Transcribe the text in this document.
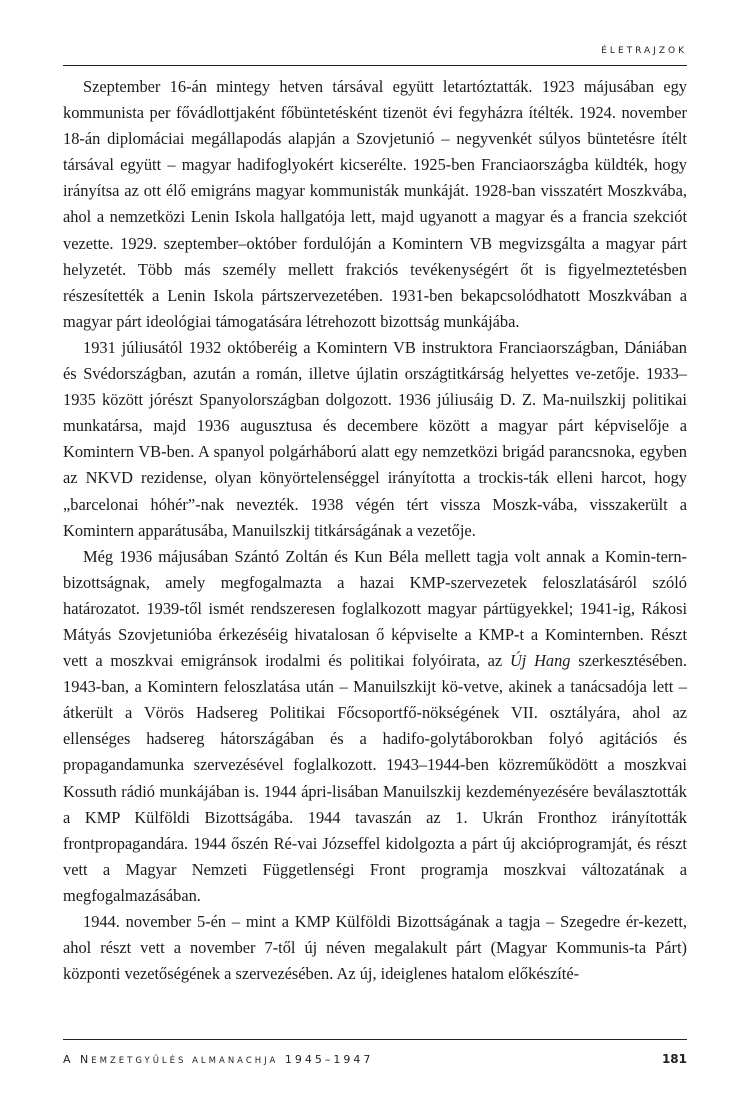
ÉLETRAJZOK

Szeptember 16-án mintegy hetven társával együtt letartóztatták. 1923 májusában egy kommunista per fővádlottjaként főbüntetésként tizenöt évi fegyházra ítélték. 1924. november 18-án diplomáciai megállapodás alapján a Szovjetunió – negyvenkét súlyos büntetésre ítélt társával együtt – magyar hadifoglyokért kicserélte. 1925-ben Franciaországba küldték, hogy irányítsa az ott élő emigráns magyar kommunisták munkáját. 1928-ban visszatért Moszkvába, ahol a nemzetközi Lenin Iskola hallgatója lett, majd ugyanott a magyar és a francia szekciót vezette. 1929. szeptember–október fordulóján a Komintern VB megvizsgálta a magyar párt helyzetét. Több más személy mellett frakciós tevékenységért őt is figyelmeztetésben részesítették a Lenin Iskola pártszervezetében. 1931-ben bekapcsolódhatott Moszkvában a magyar párt ideológiai támogatására létrehozott bizottság munkájába.

1931 júliusától 1932 októberéig a Komintern VB instruktora Franciaországban, Dániában és Svédországban, azután a román, illetve újlatin országtitkárság helyettes ve-zetője. 1933–1935 között jórészt Spanyolországban dolgozott. 1936 júliusáig D. Z. Ma-nuilszkij politikai munkatársa, majd 1936 augusztusa és decembere között a magyar párt képviselője a Komintern VB-ben. A spanyol polgárháború alatt egy nemzetközi brigád parancsnoka, egyben az NKVD rezidense, olyan könyörtelenséggel irányította a trockis-ták elleni harcot, hogy „barcelonai hóhér”-nak nevezték. 1938 végén tért vissza Moszk-vába, visszakerült a Komintern apparátusába, Manuilszkij titkárságának a vezetője.

Még 1936 májusában Szántó Zoltán és Kun Béla mellett tagja volt annak a Komin-tern-bizottságnak, amely megfogalmazta a hazai KMP-szervezetek feloszlatásáról szóló határozatot. 1939-től ismét rendszeresen foglalkozott magyar pártügyekkel; 1941-ig, Rákosi Mátyás Szovjetunióba érkezéséig hivatalosan ő képviselte a KMP-t a Kominternben. Részt vett a moszkvai emigránsok irodalmi és politikai folyóirata, az Új Hang szerkesztésében. 1943-ban, a Komintern feloszlatása után – Manuilszkijt kö-vetve, akinek a tanácsadója lett – átkerült a Vörös Hadsereg Politikai Főcsoportfő-nökségének VII. osztályára, ahol az ellenséges hadsereg hátországában és a hadifo-golytáborokban folyó agitációs és propagandamunka szervezésével foglalkozott. 1943–1944-ben közreműködött a moszkvai Kossuth rádió munkájában is. 1944 ápri-lisában Manuilszkij kezdeményezésére beválasztották a KMP Külföldi Bizottságába. 1944 tavaszán az 1. Ukrán Fronthoz irányították frontpropagandára. 1944 őszén Ré-vai Józseffel kidolgozta a párt új akcióprogramját, és részt vett a Magyar Nemzeti Függetlenségi Front programja moszkvai változatának a megfogalmazásában.

1944. november 5-én – mint a KMP Külföldi Bizottságának a tagja – Szegedre ér-kezett, ahol részt vett a november 7-től új néven megalakult párt (Magyar Kommunis-ta Párt) központi vezetőségének a szervezésében. Az új, ideiglenes hatalom előkészíté-

A NEMZETGYŰLÉS ALMANACHJA 1945–1947	181
